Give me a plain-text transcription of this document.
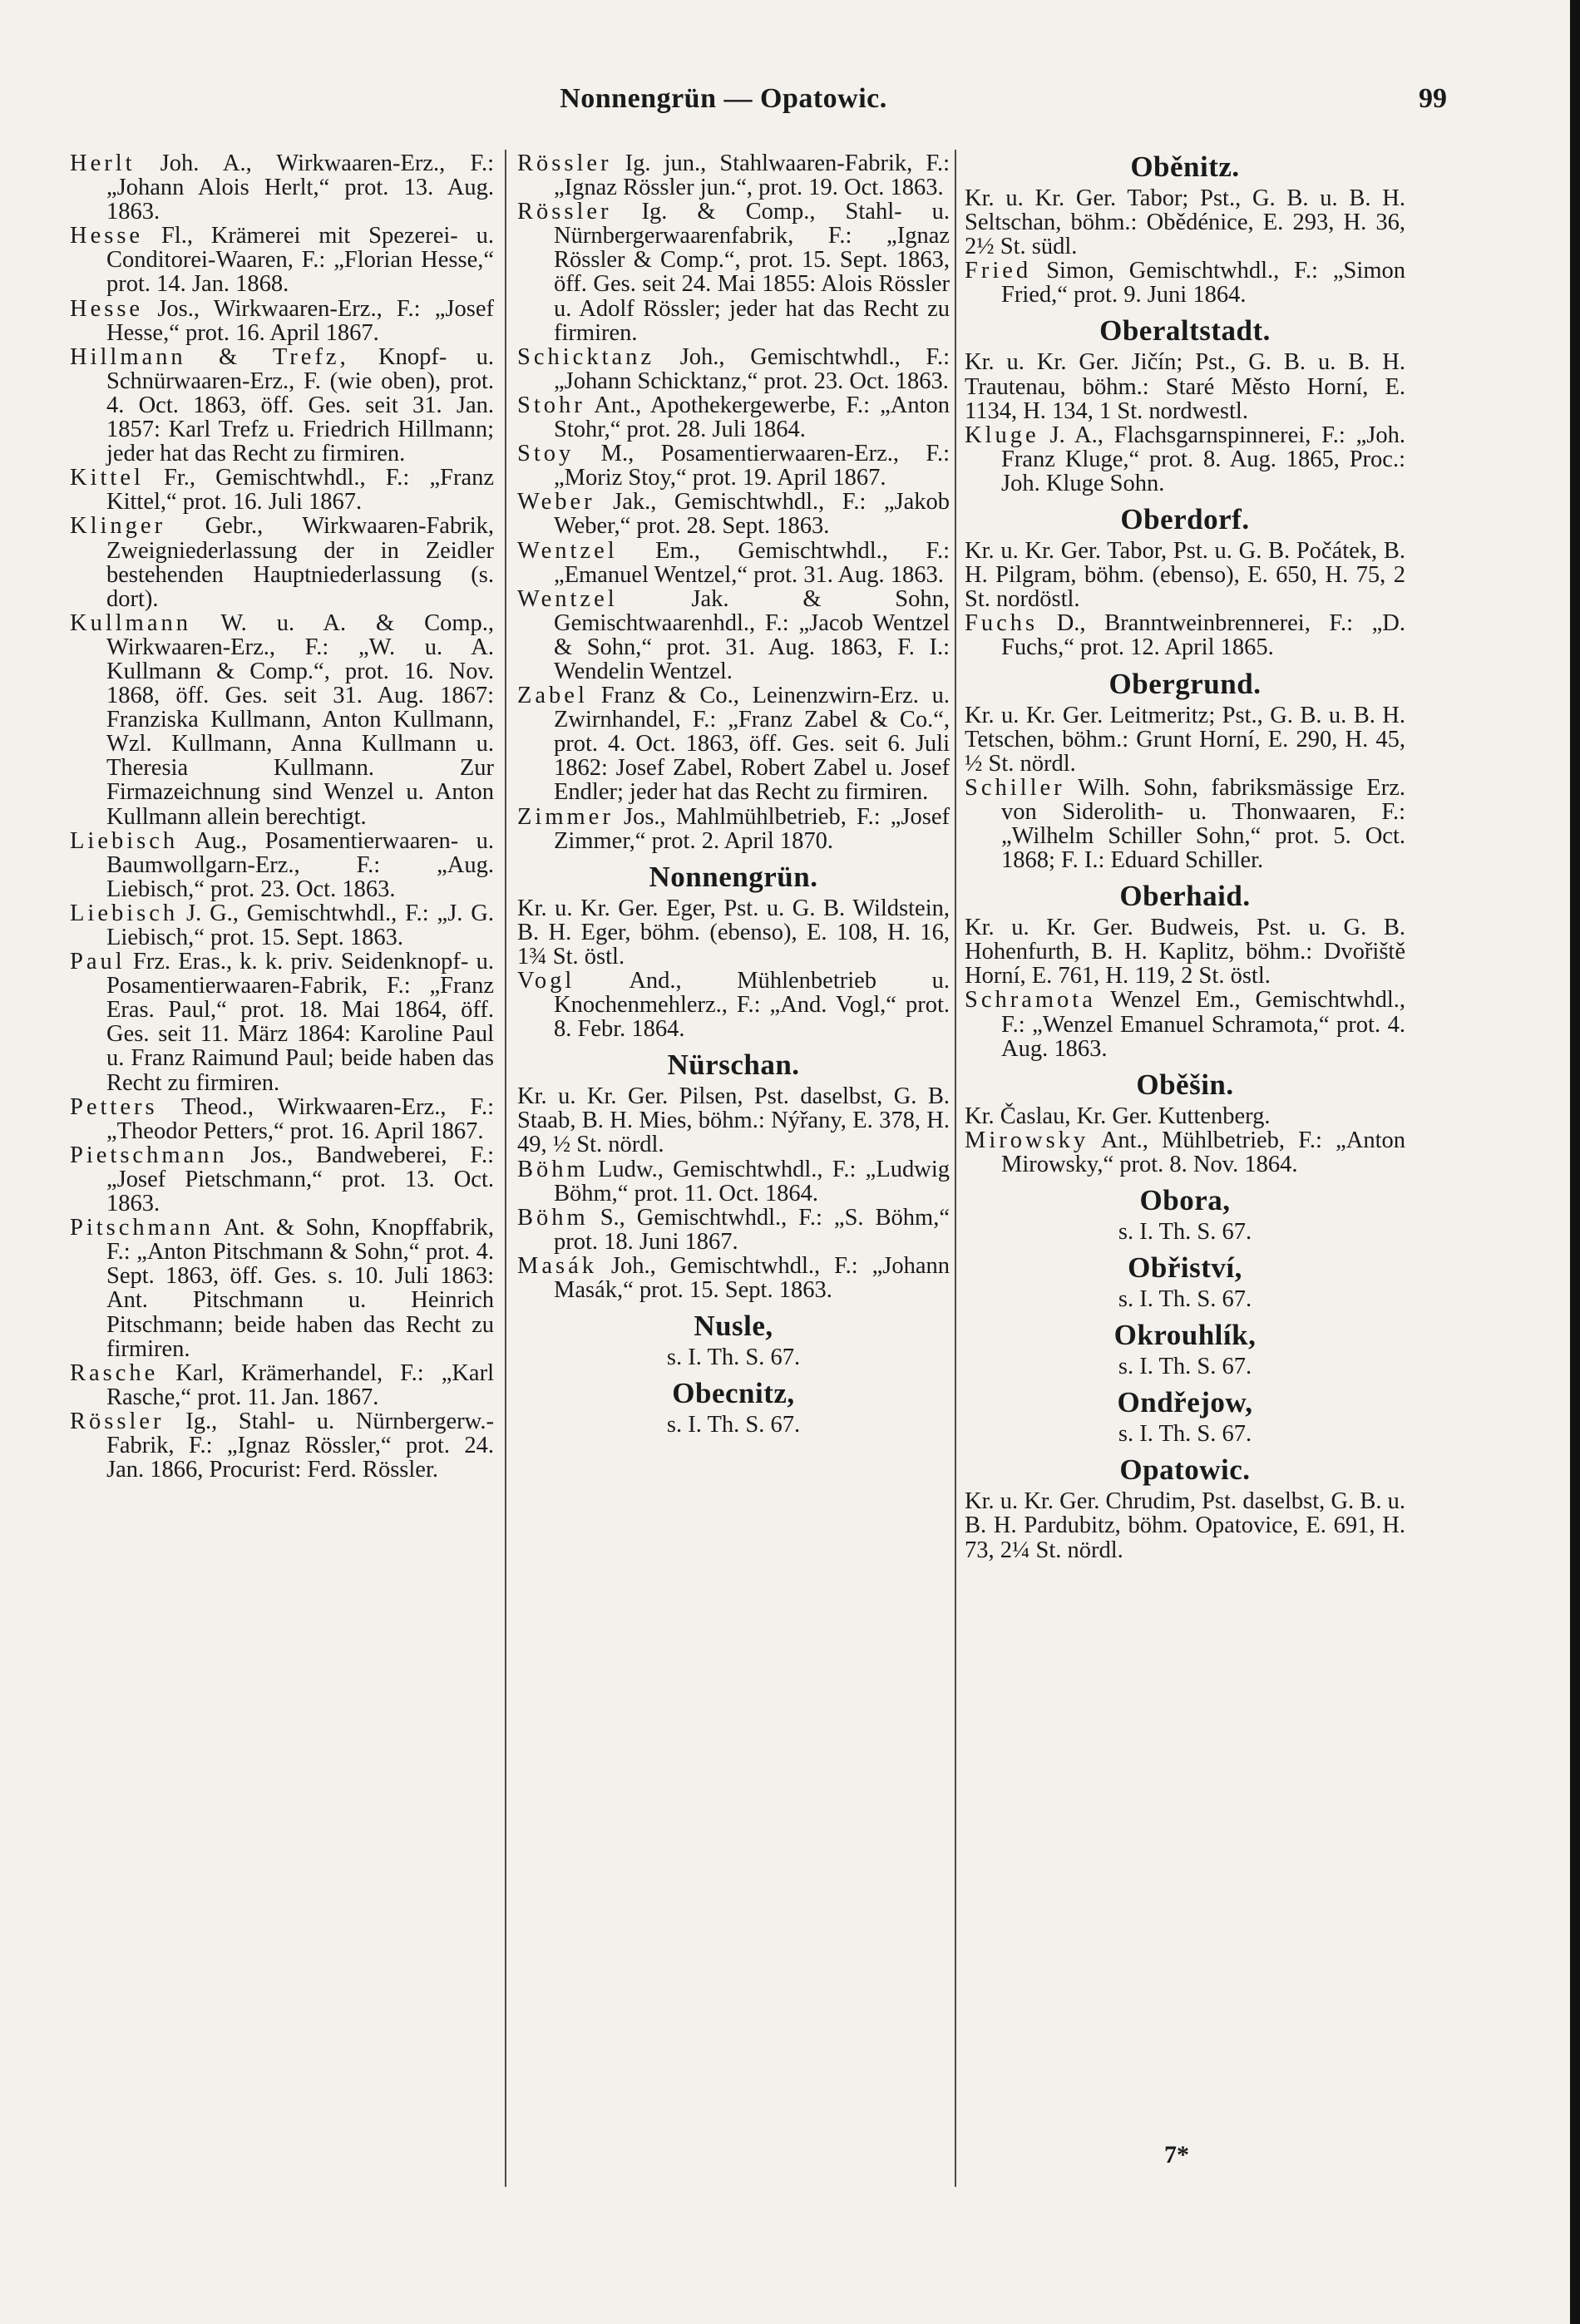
Nonnengrün — Opatowic.	99

Herlt Joh. A., Wirkwaaren-Erz., F.: „Johann Alois Herlt,“ prot. 13. Aug. 1863.

Hesse Fl., Krämerei mit Spezerei- u. Conditorei-Waaren, F.: „Florian Hesse,“ prot. 14. Jan. 1868.

Hesse Jos., Wirkwaaren-Erz., F.: „Josef Hesse,“ prot. 16. April 1867.

Hillmann & Trefz, Knopf- u. Schnürwaaren-Erz., F. (wie oben), prot. 4. Oct. 1863, öff. Ges. seit 31. Jan. 1857: Karl Trefz u. Friedrich Hillmann; jeder hat das Recht zu firmiren.

Kittel Fr., Gemischtwhdl., F.: „Franz Kittel,“ prot. 16. Juli 1867.

Klinger Gebr., Wirkwaaren-Fabrik, Zweigniederlassung der in Zeidler bestehenden Hauptniederlassung (s. dort).

Kullmann W. u. A. & Comp., Wirkwaaren-Erz., F.: „W. u. A. Kullmann & Comp.“, prot. 16. Nov. 1868, öff. Ges. seit 31. Aug. 1867: Franziska Kullmann, Anton Kullmann, Wzl. Kullmann, Anna Kullmann u. Theresia Kullmann. Zur Firmazeichnung sind Wenzel u. Anton Kullmann allein berechtigt.

Liebisch Aug., Posamentierwaaren- u. Baumwollgarn-Erz., F.: „Aug. Liebisch,“ prot. 23. Oct. 1863.

Liebisch J. G., Gemischtwhdl., F.: „J. G. Liebisch,“ prot. 15. Sept. 1863.

Paul Frz. Eras., k. k. priv. Seidenknopf- u. Posamentierwaaren-Fabrik, F.: „Franz Eras. Paul,“ prot. 18. Mai 1864, öff. Ges. seit 11. März 1864: Karoline Paul u. Franz Raimund Paul; beide haben das Recht zu firmiren.

Petters Theod., Wirkwaaren-Erz., F.: „Theodor Petters,“ prot. 16. April 1867.

Pietschmann Jos., Bandweberei, F.: „Josef Pietschmann,“ prot. 13. Oct. 1863.

Pitschmann Ant. & Sohn, Knopffabrik, F.: „Anton Pitschmann & Sohn,“ prot. 4. Sept. 1863, öff. Ges. s. 10. Juli 1863: Ant. Pitschmann u. Heinrich Pitschmann; beide haben das Recht zu firmiren.

Rasche Karl, Krämerhandel, F.: „Karl Rasche,“ prot. 11. Jan. 1867.

Rössler Ig., Stahl- u. Nürnbergerw.-Fabrik, F.: „Ignaz Rössler,“ prot. 24. Jan. 1866, Procurist: Ferd. Rössler.

Rössler Ig. jun., Stahlwaaren-Fabrik, F.: „Ignaz Rössler jun.“, prot. 19. Oct. 1863.

Rössler Ig. & Comp., Stahl- u. Nürnbergerwaarenfabrik, F.: „Ignaz Rössler & Comp.“, prot. 15. Sept. 1863, öff. Ges. seit 24. Mai 1855: Alois Rössler u. Adolf Rössler; jeder hat das Recht zu firmiren.

Schicktanz Joh., Gemischtwhdl., F.: „Johann Schicktanz,“ prot. 23. Oct. 1863.

Stohr Ant., Apothekergewerbe, F.: „Anton Stohr,“ prot. 28. Juli 1864.

Stoy M., Posamentierwaaren-Erz., F.: „Moriz Stoy,“ prot. 19. April 1867.

Weber Jak., Gemischtwhdl., F.: „Jakob Weber,“ prot. 28. Sept. 1863.

Wentzel Em., Gemischtwhdl., F.: „Emanuel Wentzel,“ prot. 31. Aug. 1863.

Wentzel Jak. & Sohn, Gemischtwaarenhdl., F.: „Jacob Wentzel & Sohn,“ prot. 31. Aug. 1863, F. I.: Wendelin Wentzel.

Zabel Franz & Co., Leinenzwirn-Erz. u. Zwirnhandel, F.: „Franz Zabel & Co.“, prot. 4. Oct. 1863, öff. Ges. seit 6. Juli 1862: Josef Zabel, Robert Zabel u. Josef Endler; jeder hat das Recht zu firmiren.

Zimmer Jos., Mahlmühlbetrieb, F.: „Josef Zimmer,“ prot. 2. April 1870.

Nonnengrün.

Kr. u. Kr. Ger. Eger, Pst. u. G. B. Wildstein, B. H. Eger, böhm. (ebenso), E. 108, H. 16, 1¾ St. östl.

Vogl And., Mühlenbetrieb u. Knochenmehlerz., F.: „And. Vogl,“ prot. 8. Febr. 1864.

Nürschan.

Kr. u. Kr. Ger. Pilsen, Pst. daselbst, G. B. Staab, B. H. Mies, böhm.: Nýřany, E. 378, H. 49, ½ St. nördl.

Böhm Ludw., Gemischtwhdl., F.: „Ludwig Böhm,“ prot. 11. Oct. 1864.

Böhm S., Gemischtwhdl., F.: „S. Böhm,“ prot. 18. Juni 1867.

Masák Joh., Gemischtwhdl., F.: „Johann Masák,“ prot. 15. Sept. 1863.

Nusle,

s. I. Th. S. 67.

Obecnitz,

s. I. Th. S. 67.

Oběnitz.

Kr. u. Kr. Ger. Tabor; Pst., G. B. u. B. H. Seltschan, böhm.: Obědénice, E. 293, H. 36, 2½ St. südl.

Fried Simon, Gemischtwhdl., F.: „Simon Fried,“ prot. 9. Juni 1864.

Oberaltstadt.

Kr. u. Kr. Ger. Jičín; Pst., G. B. u. B. H. Trautenau, böhm.: Staré Město Horní, E. 1134, H. 134, 1 St. nordwestl.

Kluge J. A., Flachsgarnspinnerei, F.: „Joh. Franz Kluge,“ prot. 8. Aug. 1865, Proc.: Joh. Kluge Sohn.

Oberdorf.

Kr. u. Kr. Ger. Tabor, Pst. u. G. B. Počátek, B. H. Pilgram, böhm. (ebenso), E. 650, H. 75, 2 St. nordöstl.

Fuchs D., Branntweinbrennerei, F.: „D. Fuchs,“ prot. 12. April 1865.

Obergrund.

Kr. u. Kr. Ger. Leitmeritz; Pst., G. B. u. B. H. Tetschen, böhm.: Grunt Horní, E. 290, H. 45, ½ St. nördl.

Schiller Wilh. Sohn, fabriksmässige Erz. von Siderolith- u. Thonwaaren, F.: „Wilhelm Schiller Sohn,“ prot. 5. Oct. 1868; F. I.: Eduard Schiller.

Oberhaid.

Kr. u. Kr. Ger. Budweis, Pst. u. G. B. Hohenfurth, B. H. Kaplitz, böhm.: Dvořiště Horní, E. 761, H. 119, 2 St. östl.

Schramota Wenzel Em., Gemischtwhdl., F.: „Wenzel Emanuel Schramota,“ prot. 4. Aug. 1863.

Oběšin.

Kr. Časlau, Kr. Ger. Kuttenberg.

Mirowsky Ant., Mühlbetrieb, F.: „Anton Mirowsky,“ prot. 8. Nov. 1864.

Obora,

s. I. Th. S. 67.

Obřiství,

s. I. Th. S. 67.

Okrouhlík,

s. I. Th. S. 67.

Ondřejow,

s. I. Th. S. 67.

Opatowic.

Kr. u. Kr. Ger. Chrudim, Pst. daselbst, G. B. u. B. H. Pardubitz, böhm. Opatovice, E. 691, H. 73, 2¼ St. nördl.

7*
